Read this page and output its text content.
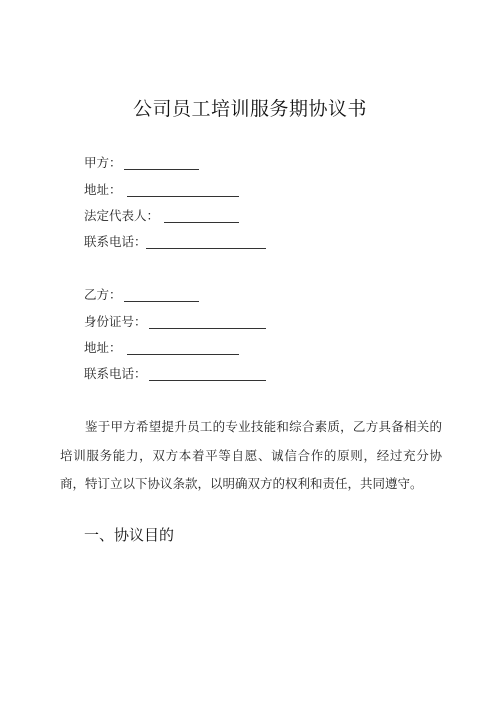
公司员工培训服务期协议书
甲方：
地址：
法定代表人：
联系电话：
乙方：
身份证号：
地址：
联系电话：

鉴于甲方希望提升员工的专业技能和综合素质，乙方具备相关的培训服务能力，双方本着平等自愿、诚信合作的原则，经过充分协商，特订立以下协议条款，以明确双方的权利和责任，共同遵守。

一、协议目的
